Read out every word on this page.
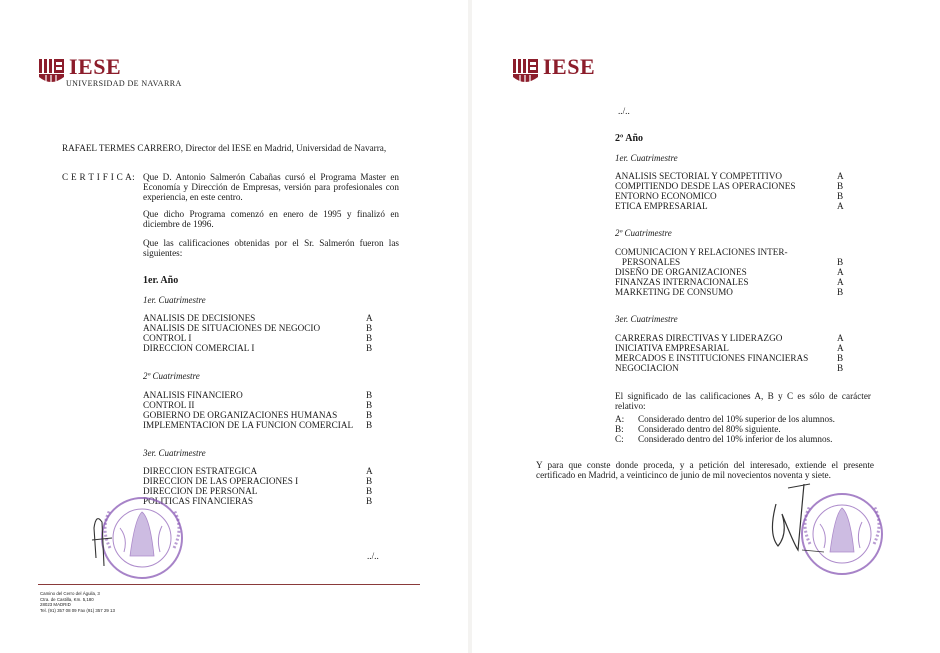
IESE
UNIVERSIDAD DE NAVARRA
RAFAEL TERMES CARRERO, Director del IESE en Madrid, Universidad de Navarra,
C E R T I F I C A: Que D. Antonio Salmerón Cabañas cursó el Programa Master en Economía y Dirección de Empresas, versión para profesionales con experiencia, en este centro.
Que dicho Programa comenzó en enero de 1995 y finalizó en diciembre de 1996.
Que las calificaciones obtenidas por el Sr. Salmerón fueron las siguientes:
1er. Año
1er. Cuatrimestre
ANALISIS DE DECISIONES	A
ANALISIS DE SITUACIONES DE NEGOCIO	B
CONTROL I	B
DIRECCION COMERCIAL I	B
2º Cuatrimestre
ANALISIS FINANCIERO	B
CONTROL II	B
GOBIERNO DE ORGANIZACIONES HUMANAS	B
IMPLEMENTACION DE LA FUNCION COMERCIAL B
3er. Cuatrimestre
DIRECCION ESTRATEGICA	A
DIRECCION DE LAS OPERACIONES I	B
DIRECCION DE PERSONAL	B
POLITICAS FINANCIERAS	B
../..
Camino del Cerro del Águila, 3
Ctra. de Castilla, Km. 5,180
28023 MADRID
Tel. (91) 357 08 09 Fax (91) 357 29 13
IESE
../..
2º Año
1er. Cuatrimestre
ANALISIS SECTORIAL Y COMPETITIVO	A
COMPITIENDO DESDE LAS OPERACIONES	B
ENTORNO ECONOMICO	B
ETICA EMPRESARIAL	A
2º Cuatrimestre
COMUNICACION Y RELACIONES INTER-
PERSONALES	B
DISEÑO DE ORGANIZACIONES	A
FINANZAS INTERNACIONALES	A
MARKETING DE CONSUMO	B
3er. Cuatrimestre
CARRERAS DIRECTIVAS Y LIDERAZGO	A
INICIATIVA EMPRESARIAL	A
MERCADOS E INSTITUCIONES FINANCIERAS	B
NEGOCIACION	B
El significado de las calificaciones A, B y C es sólo de carácter relativo:
A: Considerado dentro del 10% superior de los alumnos.
B: Considerado dentro del 80% siguiente.
C: Considerado dentro del 10% inferior de los alumnos.
Y para que conste donde proceda, y a petición del interesado, extiende el presente certificado en Madrid, a veinticinco de junio de mil novecientos noventa y siete.
